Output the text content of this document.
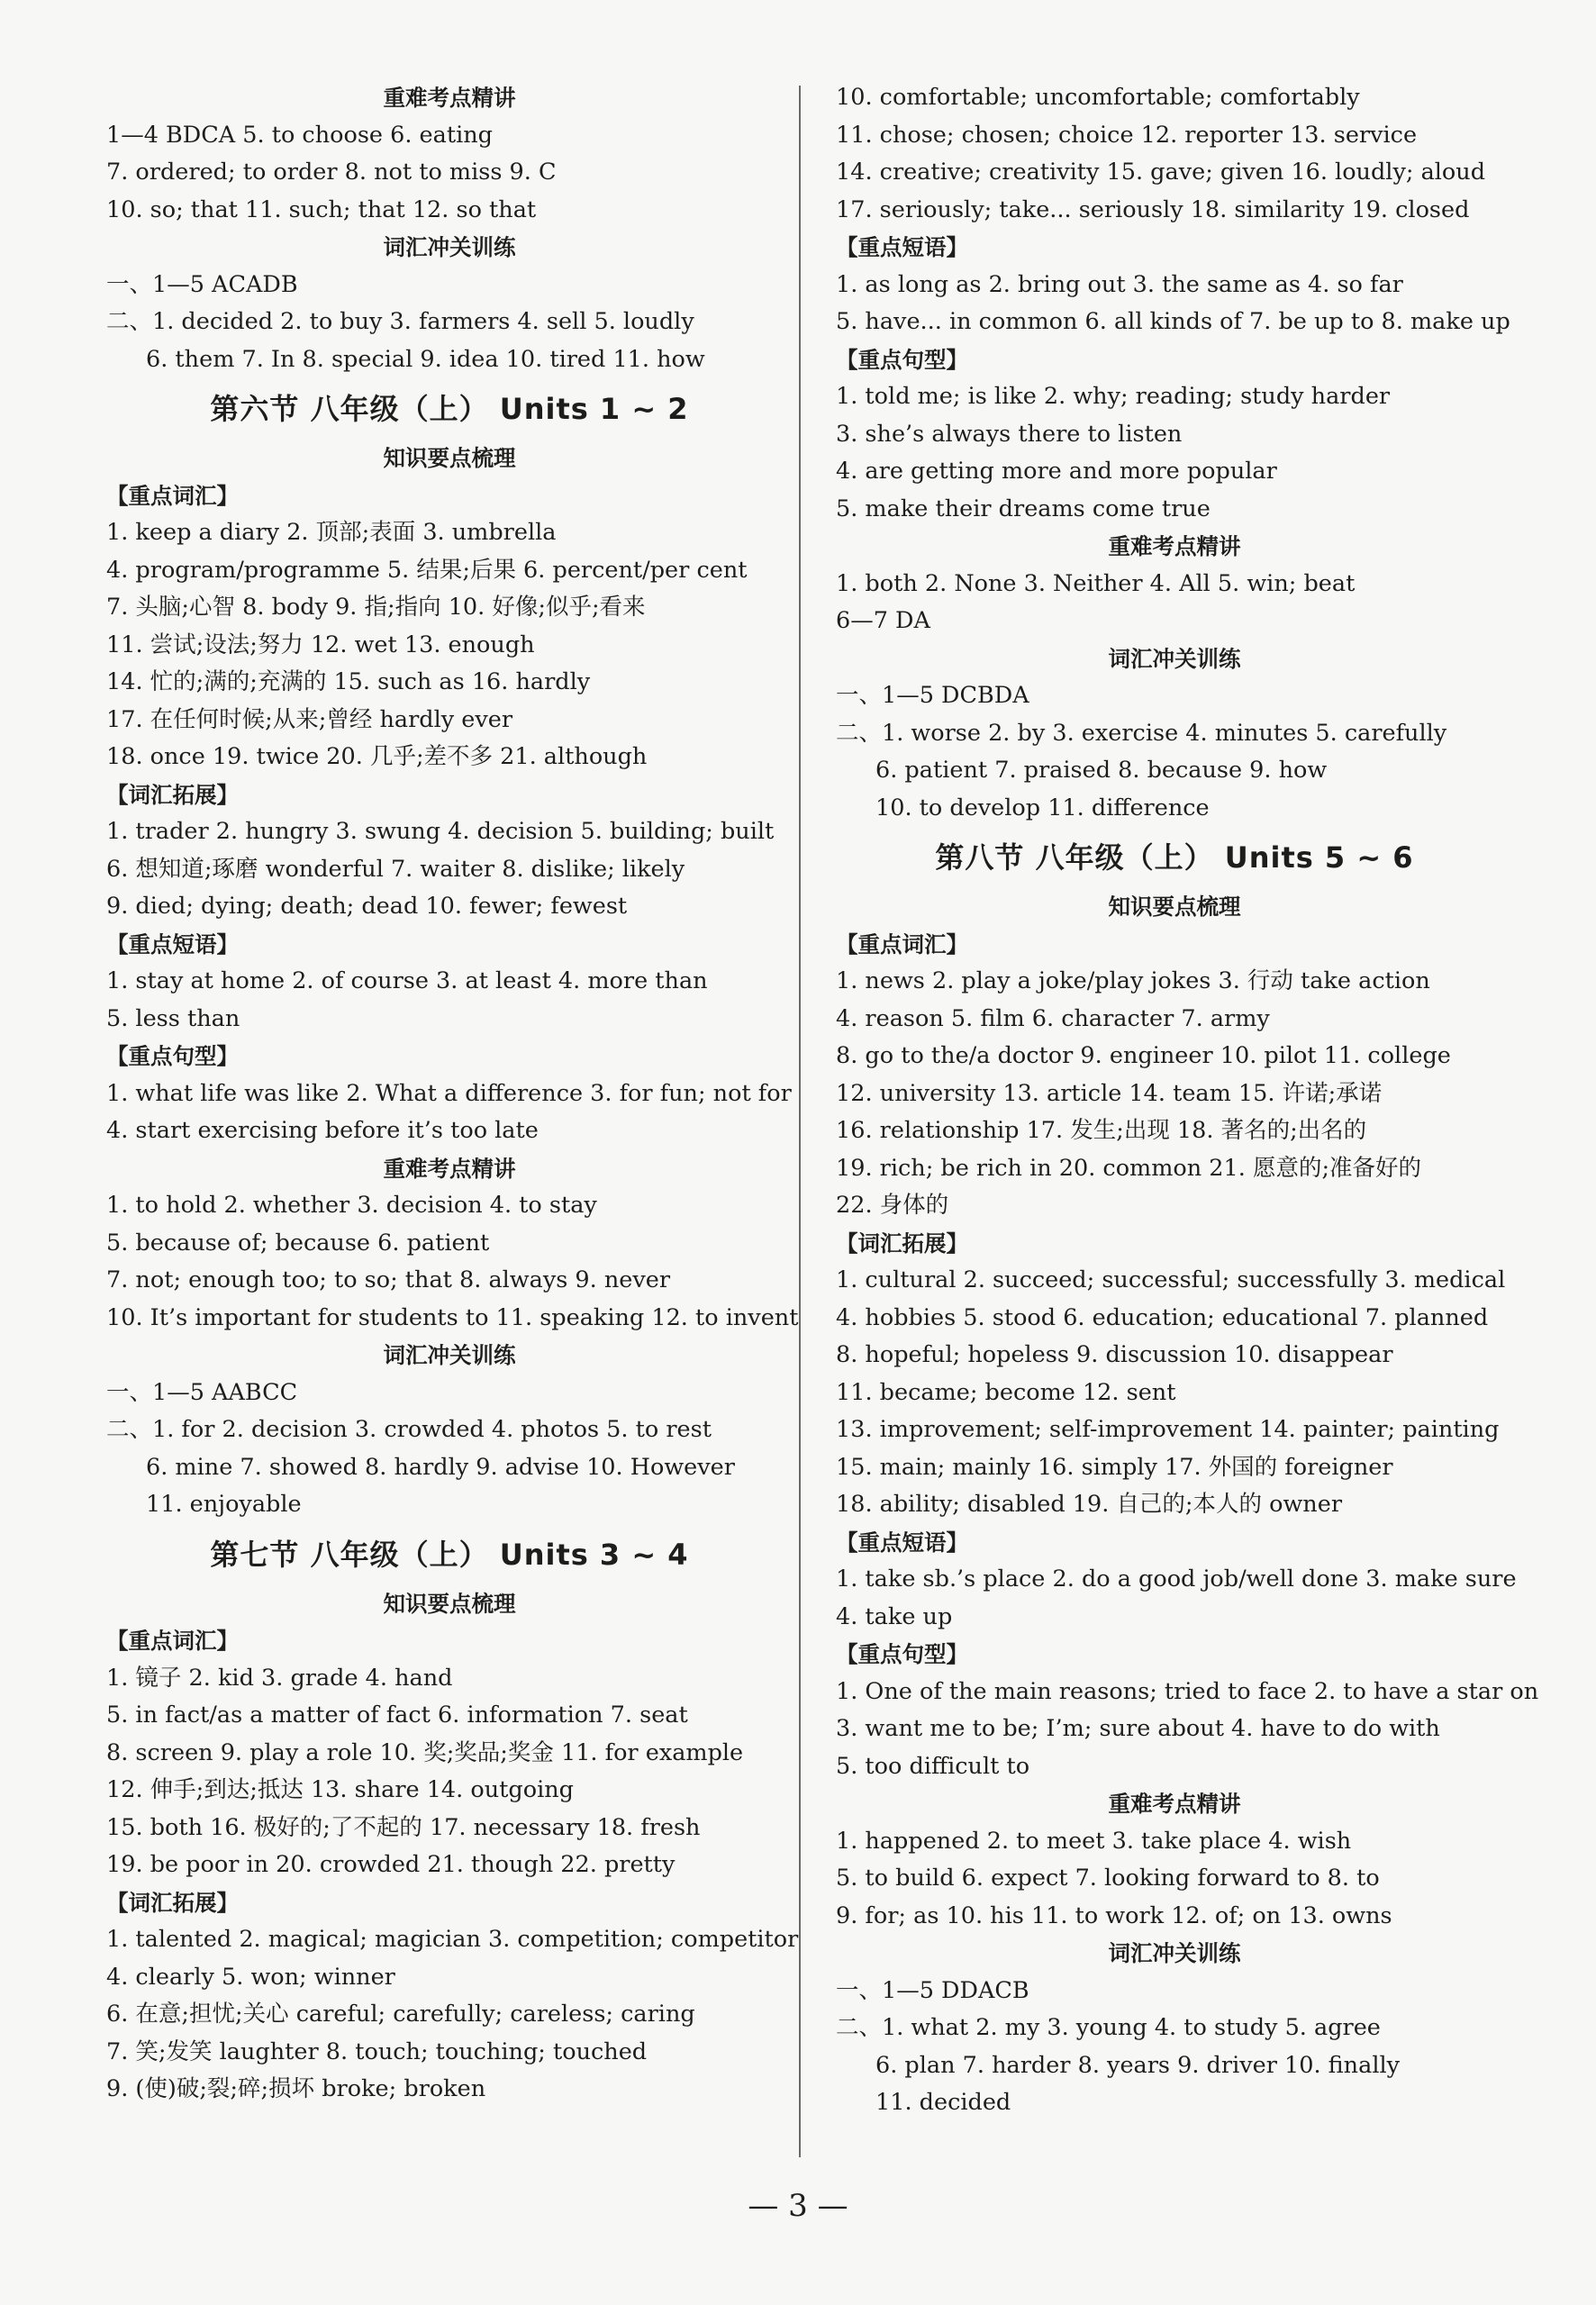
重难考点精讲
1—4 BDCA 5. to choose 6. eating
7. ordered; to order 8. not to miss 9. C
10. so; that 11. such; that 12. so that
词汇冲关训练
一、1—5 ACADB
二、1. decided 2. to buy 3. farmers 4. sell 5. loudly
6. them 7. In 8. special 9. idea 10. tired 11. how
第六节 八年级（上） Units 1 ~ 2
知识要点梳理
【重点词汇】
1. keep a diary 2. 顶部;表面 3. umbrella
4. program/programme 5. 结果;后果 6. percent/per cent
7. 头脑;心智 8. body 9. 指;指向 10. 好像;似乎;看来
11. 尝试;设法;努力 12. wet 13. enough
14. 忙的;满的;充满的 15. such as 16. hardly
17. 在任何时候;从来;曾经 hardly ever
18. once 19. twice 20. 几乎;差不多 21. although
【词汇拓展】
1. trader 2. hungry 3. swung 4. decision 5. building; built
6. 想知道;琢磨 wonderful 7. waiter 8. dislike; likely
9. died; dying; death; dead 10. fewer; fewest
【重点短语】
1. stay at home 2. of course 3. at least 4. more than
5. less than
【重点句型】
1. what life was like 2. What a difference 3. for fun; not for
4. start exercising before it’s too late
重难考点精讲
1. to hold 2. whether 3. decision 4. to stay
5. because of; because 6. patient
7. not; enough too; to so; that 8. always 9. never
10. It’s important for students to 11. speaking 12. to invent
词汇冲关训练
一、1—5 AABCC
二、1. for 2. decision 3. crowded 4. photos 5. to rest
6. mine 7. showed 8. hardly 9. advise 10. However
11. enjoyable
第七节 八年级（上） Units 3 ~ 4
知识要点梳理
【重点词汇】
1. 镜子 2. kid 3. grade 4. hand
5. in fact/as a matter of fact 6. information 7. seat
8. screen 9. play a role 10. 奖;奖品;奖金 11. for example
12. 伸手;到达;抵达 13. share 14. outgoing
15. both 16. 极好的;了不起的 17. necessary 18. fresh
19. be poor in 20. crowded 21. though 22. pretty
【词汇拓展】
1. talented 2. magical; magician 3. competition; competitor
4. clearly 5. won; winner
6. 在意;担忧;关心 careful; carefully; careless; caring
7. 笑;发笑 laughter 8. touch; touching; touched
9. (使)破;裂;碎;损坏 broke; broken
10. comfortable; uncomfortable; comfortably
11. chose; chosen; choice 12. reporter 13. service
14. creative; creativity 15. gave; given 16. loudly; aloud
17. seriously; take... seriously 18. similarity 19. closed
【重点短语】
1. as long as 2. bring out 3. the same as 4. so far
5. have... in common 6. all kinds of 7. be up to 8. make up
【重点句型】
1. told me; is like 2. why; reading; study harder
3. she’s always there to listen
4. are getting more and more popular
5. make their dreams come true
重难考点精讲
1. both 2. None 3. Neither 4. All 5. win; beat
6—7 DA
词汇冲关训练
一、1—5 DCBDA
二、1. worse 2. by 3. exercise 4. minutes 5. carefully
6. patient 7. praised 8. because 9. how
10. to develop 11. difference
第八节 八年级（上） Units 5 ~ 6
知识要点梳理
【重点词汇】
1. news 2. play a joke/play jokes 3. 行动 take action
4. reason 5. film 6. character 7. army
8. go to the/a doctor 9. engineer 10. pilot 11. college
12. university 13. article 14. team 15. 许诺;承诺
16. relationship 17. 发生;出现 18. 著名的;出名的
19. rich; be rich in 20. common 21. 愿意的;准备好的
22. 身体的
【词汇拓展】
1. cultural 2. succeed; successful; successfully 3. medical
4. hobbies 5. stood 6. education; educational 7. planned
8. hopeful; hopeless 9. discussion 10. disappear
11. became; become 12. sent
13. improvement; self-improvement 14. painter; painting
15. main; mainly 16. simply 17. 外国的 foreigner
18. ability; disabled 19. 自己的;本人的 owner
【重点短语】
1. take sb.’s place 2. do a good job/well done 3. make sure
4. take up
【重点句型】
1. One of the main reasons; tried to face 2. to have a star on
3. want me to be; I’m; sure about 4. have to do with
5. too difficult to
重难考点精讲
1. happened 2. to meet 3. take place 4. wish
5. to build 6. expect 7. looking forward to 8. to
9. for; as 10. his 11. to work 12. of; on 13. owns
词汇冲关训练
一、1—5 DDACB
二、1. what 2. my 3. young 4. to study 5. agree
6. plan 7. harder 8. years 9. driver 10. finally
11. decided
— 3 —
